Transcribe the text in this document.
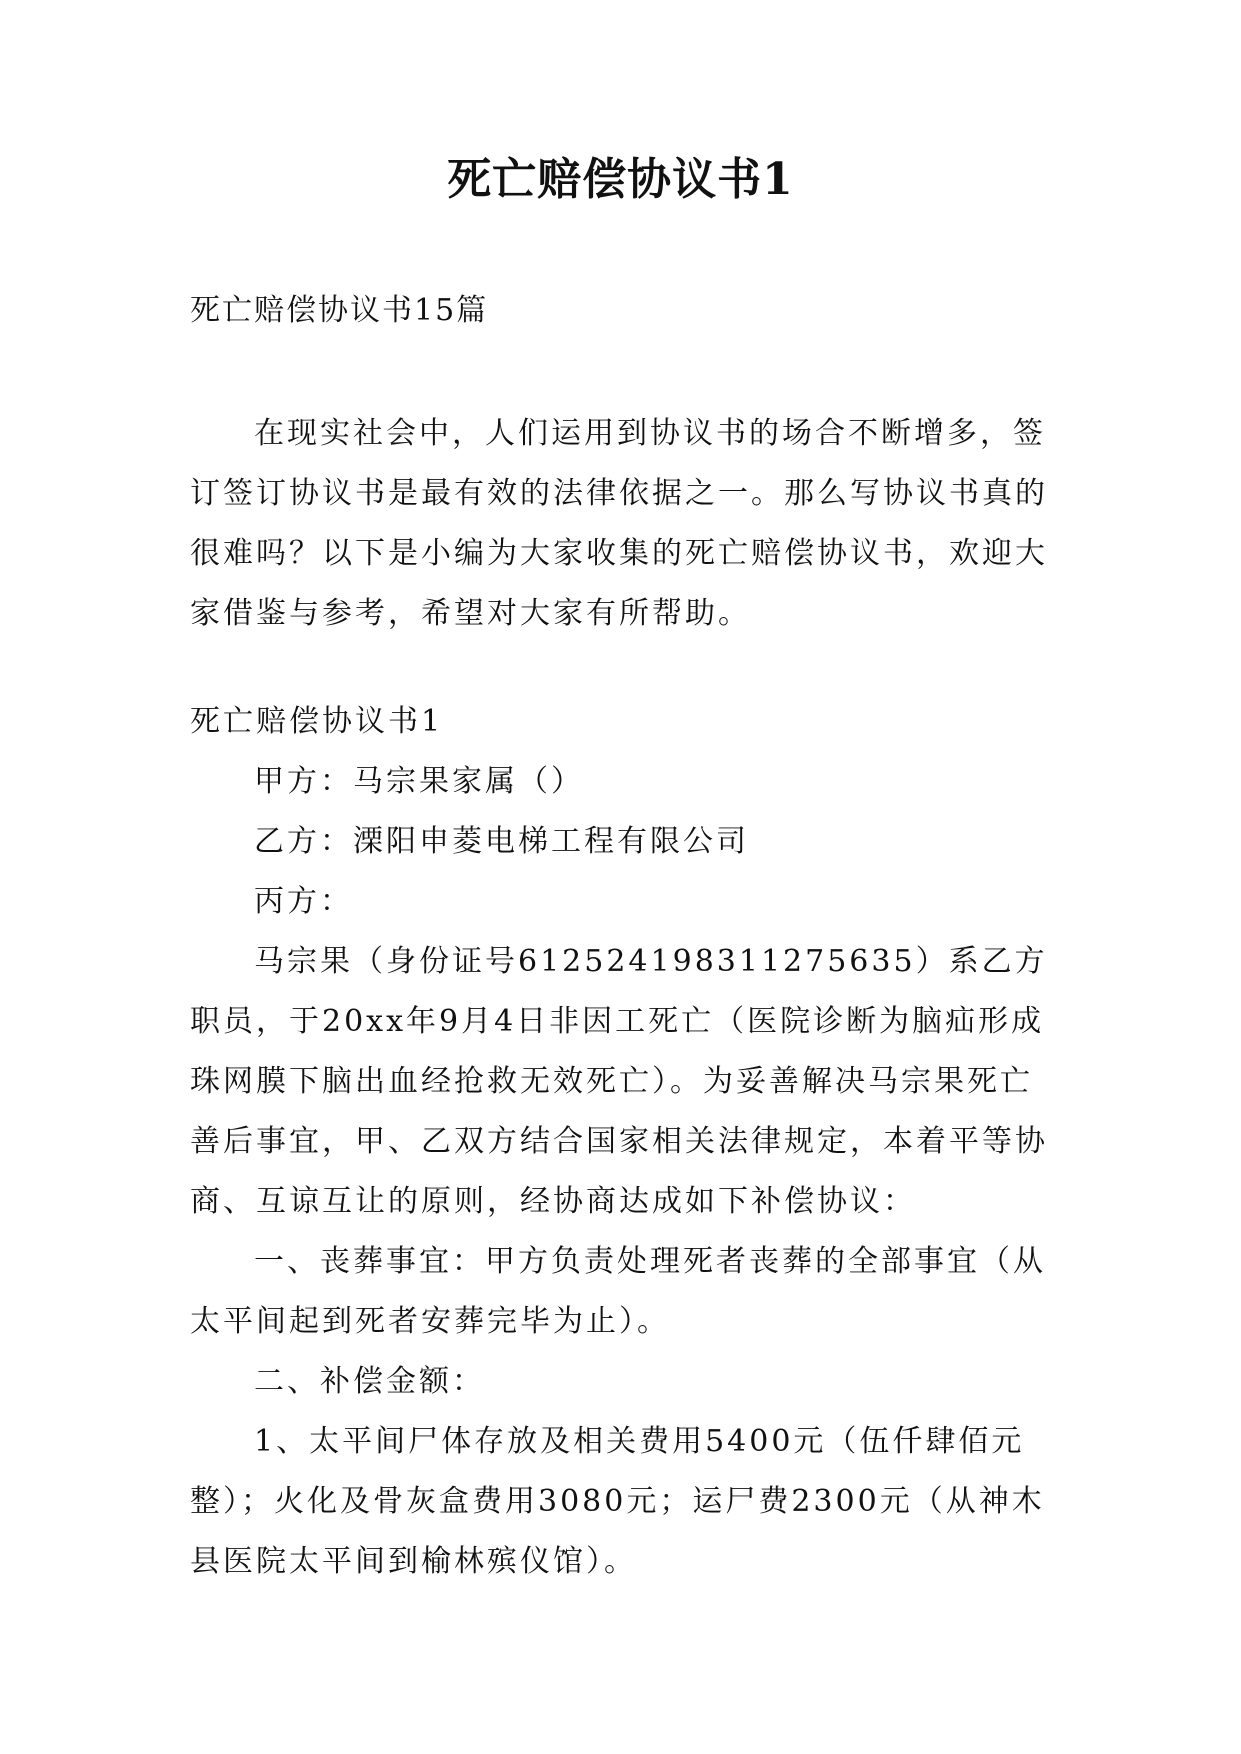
死亡赔偿协议书1
死亡赔偿协议书15篇

在现实社会中，人们运用到协议书的场合不断增多，签订签订协议书是最有效的法律依据之一。那么写协议书真的很难吗？以下是小编为大家收集的死亡赔偿协议书，欢迎大家借鉴与参考，希望对大家有所帮助。

死亡赔偿协议书1

甲方：马宗果家属（）

乙方：溧阳申菱电梯工程有限公司

丙方：

马宗果（身份证号612524198311275635）系乙方职员，于20xx年9月4日非因工死亡（医院诊断为脑疝形成珠网膜下脑出血经抢救无效死亡）。为妥善解决马宗果死亡善后事宜，甲、乙双方结合国家相关法律规定，本着平等协商、互谅互让的原则，经协商达成如下补偿协议：

一、丧葬事宜：甲方负责处理死者丧葬的全部事宜（从太平间起到死者安葬完毕为止）。

二、补偿金额：

1、太平间尸体存放及相关费用5400元（伍仟肆佰元整）；火化及骨灰盒费用3080元；运尸费2300元（从神木县医院太平间到榆林殡仪馆）。
